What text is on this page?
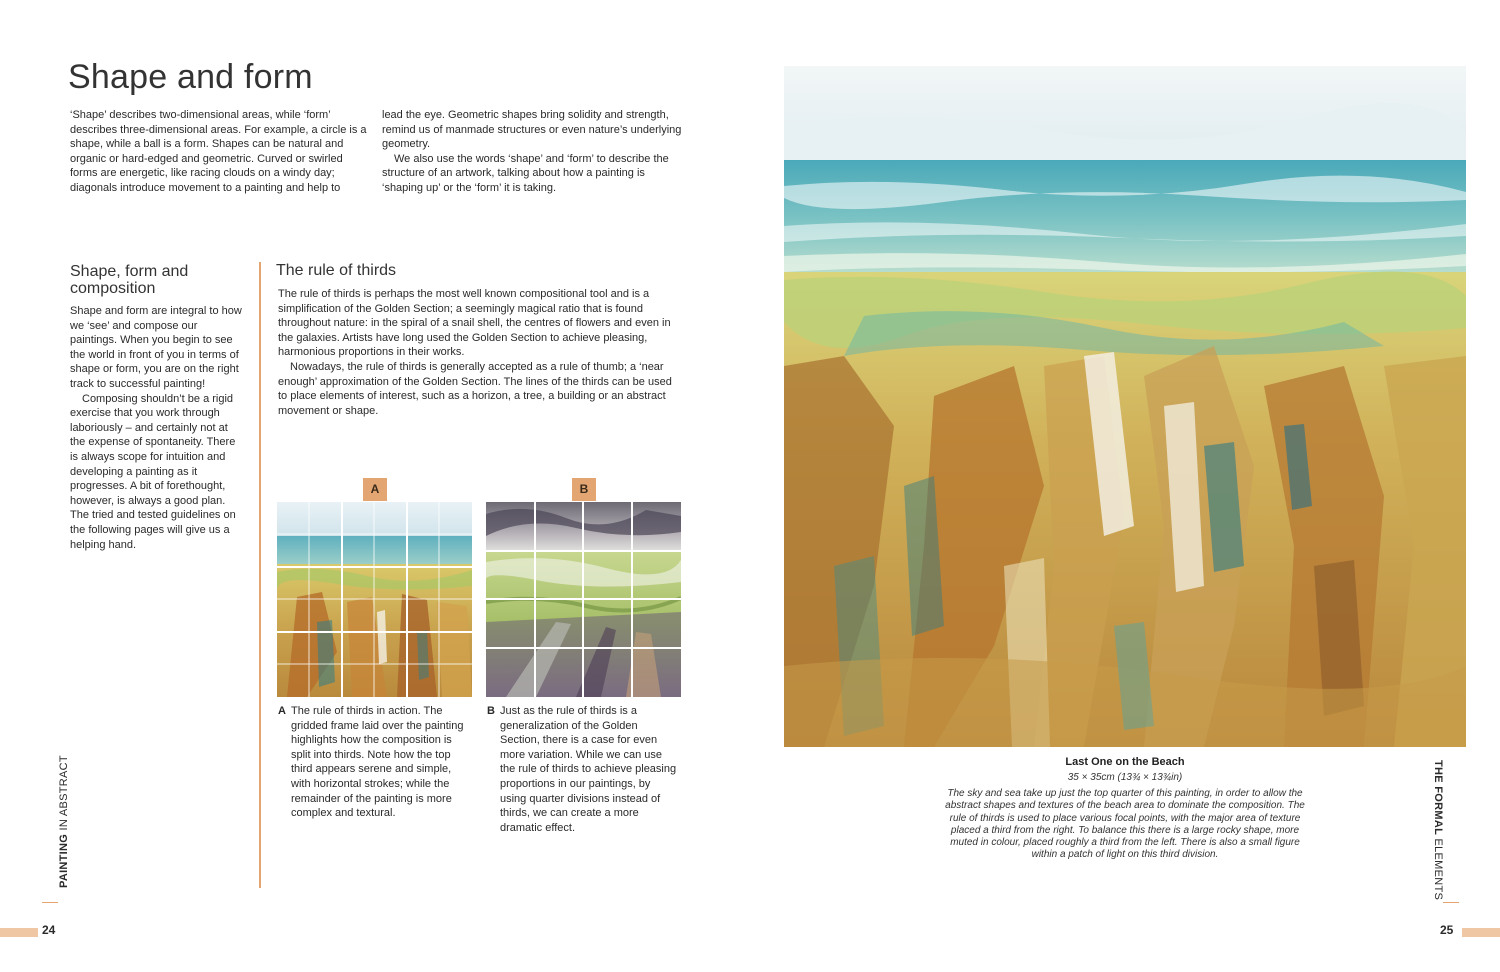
Shape and form

‘Shape’ describes two-dimensional areas, while ‘form’ describes three-dimensional areas. For example, a circle is a shape, while a ball is a form. Shapes can be natural and organic or hard-edged and geometric. Curved or swirled forms are energetic, like racing clouds on a windy day; diagonals introduce movement to a painting and help to

lead the eye. Geometric shapes bring solidity and strength, remind us of manmade structures or even nature’s underlying geometry.

We also use the words ‘shape’ and ‘form’ to describe the structure of an artwork, talking about how a painting is ‘shaping up’ or the ‘form’ it is taking.

Shape, form and composition

Shape and form are integral to how we ‘see’ and compose our paintings. When you begin to see the world in front of you in terms of shape or form, you are on the right track to successful painting!

Composing shouldn’t be a rigid exercise that you work through laboriously – and certainly not at the expense of spontaneity. There is always scope for intuition and developing a painting as it progresses. A bit of forethought, however, is always a good plan. The tried and tested guidelines on the following pages will give us a helping hand.

The rule of thirds

The rule of thirds is perhaps the most well known compositional tool and is a simplification of the Golden Section; a seemingly magical ratio that is found throughout nature: in the spiral of a snail shell, the centres of flowers and even in the galaxies. Artists have long used the Golden Section to achieve pleasing, harmonious proportions in their works.

Nowadays, the rule of thirds is generally accepted as a rule of thumb; a ‘near enough’ approximation of the Golden Section. The lines of the thirds can be used to place elements of interest, such as a horizon, a tree, a building or an abstract movement or shape.

A	B
A The rule of thirds in action. The gridded frame laid over the painting highlights how the composition is split into thirds. Note how the top third appears serene and simple, with horizontal strokes; while the remainder of the painting is more complex and textural.
B Just as the rule of thirds is a generalization of the Golden Section, there is a case for even more variation. While we can use the rule of thirds to achieve pleasing proportions in our paintings, by using quarter divisions instead of thirds, we can create a more dramatic effect.
Last One on the Beach
35 × 35cm (13¾ × 13¾in)
The sky and sea take up just the top quarter of this painting, in order to allow the abstract shapes and textures of the beach area to dominate the composition. The rule of thirds is used to place various focal points, with the major area of texture placed a third from the right. To balance this there is a large rocky shape, more muted in colour, placed roughly a third from the left. There is also a small figure within a patch of light on this third division.
PAINTING IN ABSTRACT	THE FORMAL ELEMENTS
24	25
